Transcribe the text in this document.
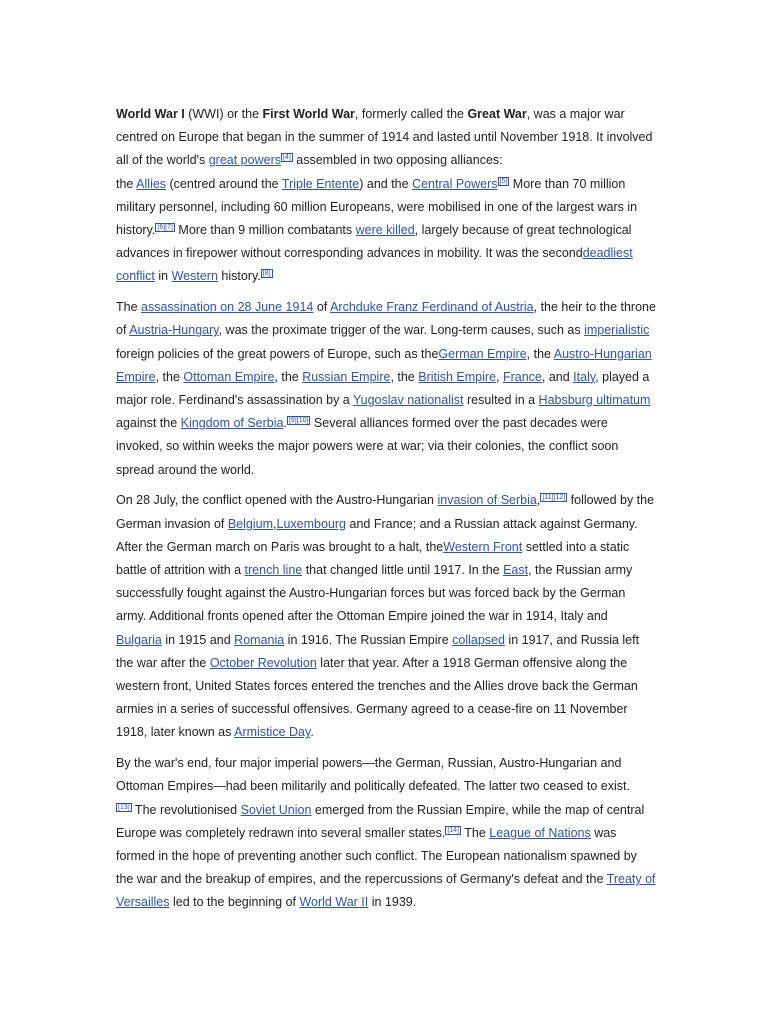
World War I (WWI) or the First World War, formerly called the Great War, was a major war centred on Europe that began in the summer of 1914 and lasted until November 1918. It involved all of the world's great powers [4] assembled in two opposing alliances:
the Allies (centred around the Triple Entente) and the Central Powers [5] More than 70 million military personnel, including 60 million Europeans, were mobilised in one of the largest wars in history. [6][7] More than 9 million combatants were killed, largely because of great technological advances in firepower without corresponding advances in mobility. It was the seconddeadliest conflict in Western history. [8]

The assassination on 28 June 1914 of Archduke Franz Ferdinand of Austria, the heir to the throne of Austria-Hungary, was the proximate trigger of the war. Long-term causes, such as imperialistic foreign policies of the great powers of Europe, such as theGerman Empire, the Austro-Hungarian Empire, the Ottoman Empire, the Russian Empire, the British Empire, France, and Italy, played a major role. Ferdinand's assassination by a Yugoslav nationalist resulted in a Habsburg ultimatum against the Kingdom of Serbia. [9][10] Several alliances formed over the past decades were invoked, so within weeks the major powers were at war; via their colonies, the conflict soon spread around the world.

On 28 July, the conflict opened with the Austro-Hungarian invasion of Serbia, [11][12] followed by the German invasion of Belgium,Luxembourg and France; and a Russian attack against Germany. After the German march on Paris was brought to a halt, theWestern Front settled into a static battle of attrition with a trench line that changed little until 1917. In the East, the Russian army successfully fought against the Austro-Hungarian forces but was forced back by the German army. Additional fronts opened after the Ottoman Empire joined the war in 1914, Italy and Bulgaria in 1915 and Romania in 1916. The Russian Empire collapsed in 1917, and Russia left the war after the October Revolution later that year. After a 1918 German offensive along the western front, United States forces entered the trenches and the Allies drove back the German armies in a series of successful offensives. Germany agreed to a cease-fire on 11 November 1918, later known as Armistice Day.

By the war's end, four major imperial powers—the German, Russian, Austro-Hungarian and Ottoman Empires—had been militarily and politically defeated. The latter two ceased to exist.
[13] The revolutionised Soviet Union emerged from the Russian Empire, while the map of central Europe was completely redrawn into several smaller states. [14] The League of Nations was formed in the hope of preventing another such conflict. The European nationalism spawned by the war and the breakup of empires, and the repercussions of Germany's defeat and the Treaty of Versailles led to the beginning of World War II in 1939.
